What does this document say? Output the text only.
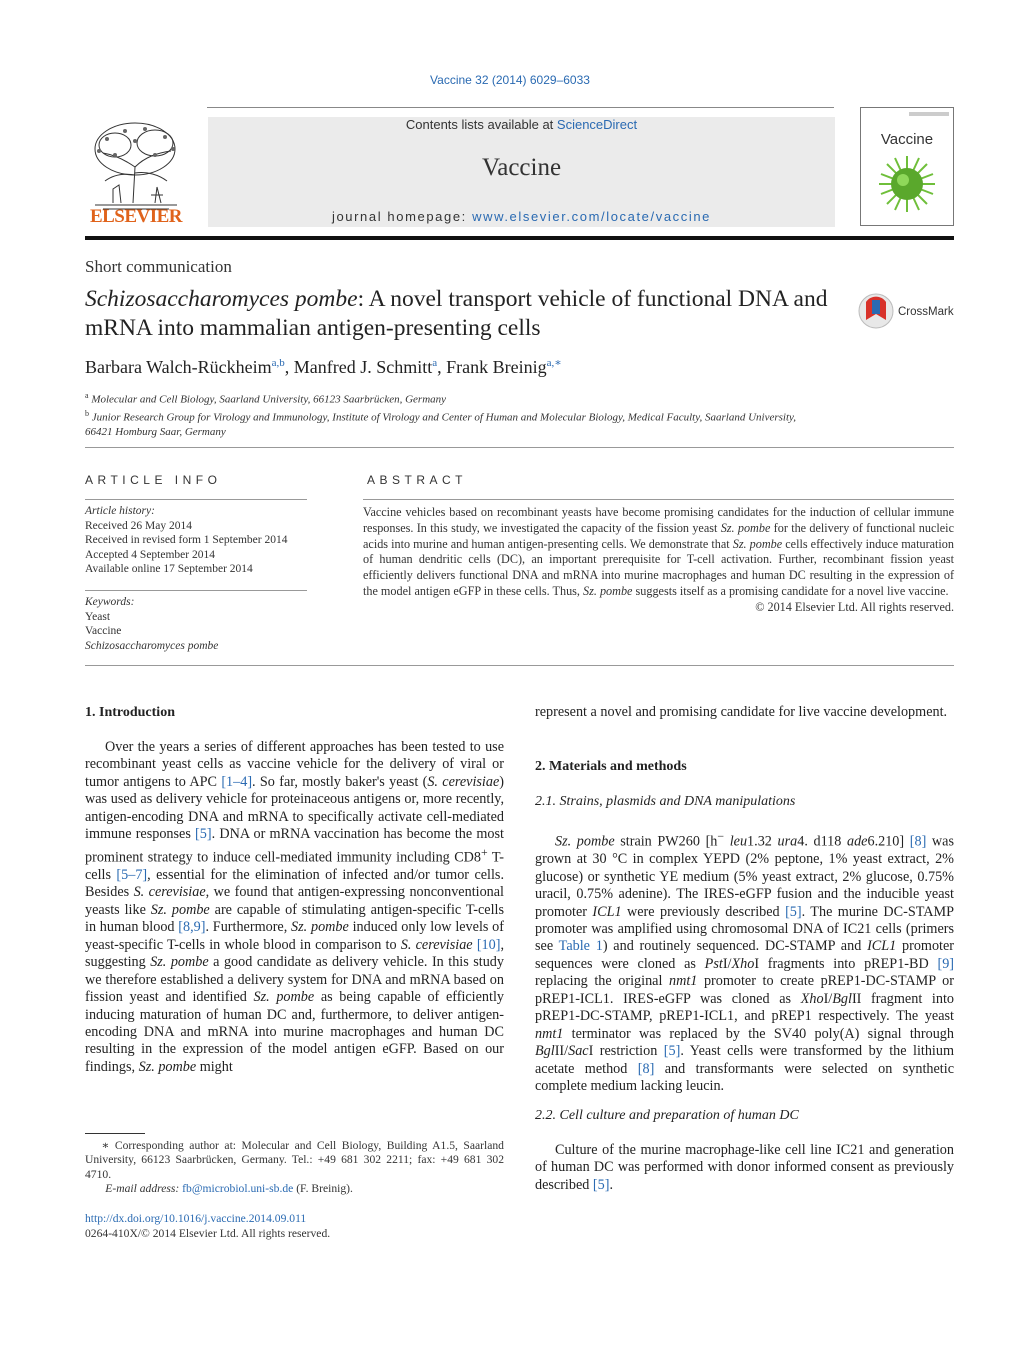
Vaccine 32 (2014) 6029–6033
Contents lists available at ScienceDirect
Vaccine
journal homepage: www.elsevier.com/locate/vaccine
ELSEVIER
Vaccine
Short communication
Schizosaccharomyces pombe: A novel transport vehicle of functional DNA and mRNA into mammalian antigen-presenting cells
CrossMark
Barbara Walch-Rückheim$^{a,b}$, Manfred J. Schmitt$^a$, Frank Breinig$^{a,∗}$
$^a$ Molecular and Cell Biology, Saarland University, 66123 Saarbrücken, Germany
$^b$ Junior Research Group for Virology and Immunology, Institute of Virology and Center of Human and Molecular Biology, Medical Faculty, Saarland University, 66421 Homburg Saar, Germany
ARTICLE INFO
Article history:
Received 26 May 2014
Received in revised form 1 September 2014
Accepted 4 September 2014
Available online 17 September 2014
Keywords:
Yeast
Vaccine
Schizosaccharomyces pombe
ABSTRACT
Vaccine vehicles based on recombinant yeasts have become promising candidates for the induction of cellular immune responses. In this study, we investigated the capacity of the fission yeast Sz. pombe for the delivery of functional nucleic acids into murine and human antigen-presenting cells. We demonstrate that Sz. pombe cells effectively induce maturation of human dendritic cells (DC), an important prerequisite for T-cell activation. Further, recombinant fission yeast efficiently delivers functional DNA and mRNA into murine macrophages and human DC resulting in the expression of the model antigen eGFP in these cells. Thus, Sz. pombe suggests itself as a promising candidate for a novel live vaccine.
© 2014 Elsevier Ltd. All rights reserved.
1. Introduction

Over the years a series of different approaches has been tested to use recombinant yeast cells as vaccine vehicle for the delivery of viral or tumor antigens to APC [1–4]. So far, mostly baker's yeast (S. cerevisiae) was used as delivery vehicle for proteinaceous antigens or, more recently, antigen-encoding DNA and mRNA to specifically activate cell-mediated immune responses [5]. DNA or mRNA vaccination has become the most prominent strategy to induce cell-mediated immunity including CD8+ T-cells [5–7], essential for the elimination of infected and/or tumor cells. Besides S. cerevisiae, we found that antigen-expressing nonconventional yeasts like Sz. pombe are capable of stimulating antigen-specific T-cells in human blood [8,9]. Furthermore, Sz. pombe induced only low levels of yeast-specific T-cells in whole blood in comparison to S. cerevisiae [10], suggesting Sz. pombe a good candidate as delivery vehicle. In this study we therefore established a delivery system for DNA and mRNA based on fission yeast and identified Sz. pombe as being capable of efficiently inducing maturation of human DC and, furthermore, to deliver antigen-encoding DNA and mRNA into murine macrophages and human DC resulting in the expression of the model antigen eGFP. Based on our findings, Sz. pombe might

∗ Corresponding author at: Molecular and Cell Biology, Building A1.5, Saarland University, 66123 Saarbrücken, Germany. Tel.: +49 681 302 2211; fax: +49 681 302 4710.
E-mail address: fb@microbiol.uni-sb.de (F. Breinig).
http://dx.doi.org/10.1016/j.vaccine.2014.09.011
0264-410X/© 2014 Elsevier Ltd. All rights reserved.

represent a novel and promising candidate for live vaccine development.

2. Materials and methods
2.1. Strains, plasmids and DNA manipulations

Sz. pombe strain PW260 [h− leu1.32 ura4. d118 ade6.210] [8] was grown at 30 °C in complex YEPD (2% peptone, 1% yeast extract, 2% glucose) or synthetic YE medium (5% yeast extract, 2% glucose, 0.75% uracil, 0.75% adenine). The IRES-eGFP fusion and the inducible yeast promoter ICL1 were previously described [5]. The murine DC-STAMP promoter was amplified using chromosomal DNA of IC21 cells (primers see Table 1) and routinely sequenced. DC-STAMP and ICL1 promoter sequences were cloned as PstI/XhoI fragments into pREP1-BD [9] replacing the original nmt1 promoter to create pREP1-DC-STAMP or pREP1-ICL1. IRES-eGFP was cloned as XhoI/BglII fragment into pREP1-DC-STAMP, pREP1-ICL1, and pREP1 respectively. The yeast nmt1 terminator was replaced by the SV40 poly(A) signal through BglII/SacI restriction [5]. Yeast cells were transformed by the lithium acetate method [8] and transformants were selected on synthetic complete medium lacking leucin.

2.2. Cell culture and preparation of human DC

Culture of the murine macrophage-like cell line IC21 and generation of human DC was performed with donor informed consent as previously described [5].
